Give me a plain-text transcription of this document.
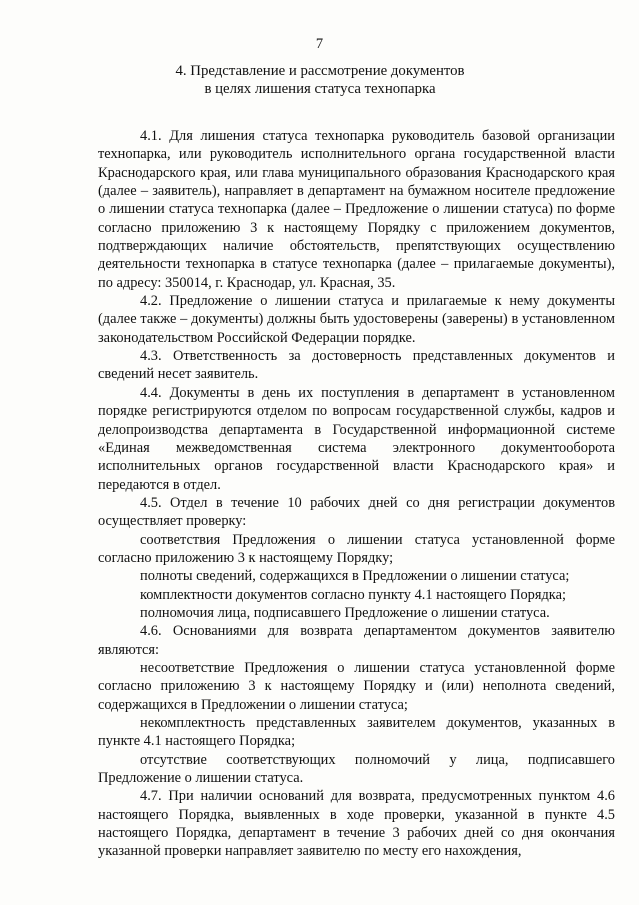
7
4. Представление и рассмотрение документов
в целях лишения статуса технопарка

4.1. Для лишения статуса технопарка руководитель базовой организации технопарка, или руководитель исполнительного органа государственной власти Краснодарского края, или глава муниципального образования Краснодарского края (далее – заявитель), направляет в департамент на бумажном носителе предложение о лишении статуса технопарка (далее – Предложение о лишении статуса) по форме согласно приложению 3 к настоящему Порядку с приложением документов, подтверждающих наличие обстоятельств, препятствующих осуществлению деятельности технопарка в статусе технопарка (далее – прилагаемые документы), по адресу: 350014, г. Краснодар, ул. Красная, 35.

4.2. Предложение о лишении статуса и прилагаемые к нему документы (далее также – документы) должны быть удостоверены (заверены) в установленном законодательством Российской Федерации порядке.

4.3. Ответственность за достоверность представленных документов и сведений несет заявитель.

4.4. Документы в день их поступления в департамент в установленном порядке регистрируются отделом по вопросам государственной службы, кадров и делопроизводства департамента в Государственной информационной системе «Единая межведомственная система электронного документооборота исполнительных органов государственной власти Краснодарского края» и передаются в отдел.

4.5. Отдел в течение 10 рабочих дней со дня регистрации документов осуществляет проверку:

соответствия Предложения о лишении статуса установленной форме согласно приложению 3 к настоящему Порядку;

полноты сведений, содержащихся в Предложении о лишении статуса;

комплектности документов согласно пункту 4.1 настоящего Порядка;

полномочия лица, подписавшего Предложение о лишении статуса.

4.6. Основаниями для возврата департаментом документов заявителю являются:

несоответствие Предложения о лишении статуса установленной форме согласно приложению 3 к настоящему Порядку и (или) неполнота сведений, содержащихся в Предложении о лишении статуса;

некомплектность представленных заявителем документов, указанных в пункте 4.1 настоящего Порядка;

отсутствие соответствующих полномочий у лица, подписавшего Предложение о лишении статуса.

4.7. При наличии оснований для возврата, предусмотренных пунктом 4.6 настоящего Порядка, выявленных в ходе проверки, указанной в пункте 4.5 настоящего Порядка, департамент в течение 3 рабочих дней со дня окончания указанной проверки направляет заявителю по месту его нахождения,
